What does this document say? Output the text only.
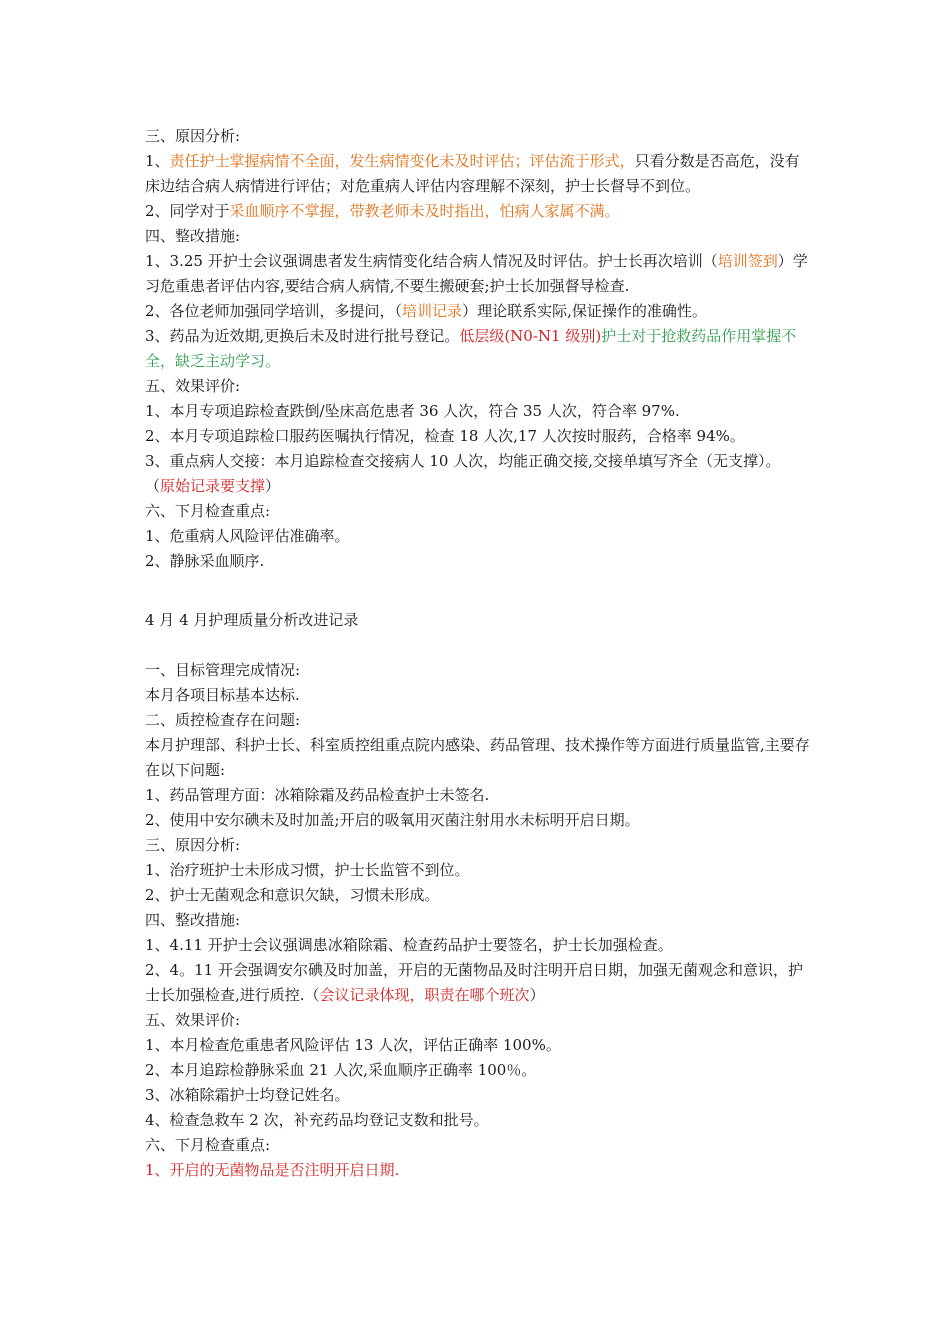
三、原因分析:

1、责任护士掌握病情不全面，发生病情变化未及时评估；评估流于形式，只看分数是否高危，没有床边结合病人病情进行评估；对危重病人评估内容理解不深刻，护士长督导不到位。

2、同学对于采血顺序不掌握，带教老师未及时指出，怕病人家属不满。

四、整改措施:

1、3.25 开护士会议强调患者发生病情变化结合病人情况及时评估。护士长再次培训（培训签到）学习危重患者评估内容,要结合病人病情,不要生搬硬套;护士长加强督导检查.

2、各位老师加强同学培训，多提问，（培训记录）理论联系实际,保证操作的准确性。

3、药品为近效期,更换后未及时进行批号登记。低层级(N0-N1 级别)护士对于抢救药品作用掌握不全，缺乏主动学习。

五、效果评价:

1、本月专项追踪检查跌倒/坠床高危患者 36 人次，符合 35 人次，符合率 97%.

2、本月专项追踪检口服药医嘱执行情况，检查 18 人次,17 人次按时服药，合格率 94%。

3、重点病人交接：本月追踪检查交接病人 10 人次，均能正确交接,交接单填写齐全（无支撑）。

（原始记录要支撑）

六、下月检查重点:

1、危重病人风险评估准确率。

2、静脉采血顺序.

4 月 4 月护理质量分析改进记录

一、目标管理完成情况:

本月各项目标基本达标.

二、质控检查存在问题:

本月护理部、科护士长、科室质控组重点院内感染、药品管理、技术操作等方面进行质量监管,主要存在以下问题:

1、药品管理方面：冰箱除霜及药品检查护士未签名.

2、使用中安尔碘未及时加盖;开启的吸氧用灭菌注射用水未标明开启日期。

三、原因分析:

1、治疗班护士未形成习惯，护士长监管不到位。

2、护士无菌观念和意识欠缺，习惯未形成。

四、整改措施:

1、4.11 开护士会议强调患冰箱除霜、检查药品护士要签名，护士长加强检查。

2、4。11 开会强调安尔碘及时加盖，开启的无菌物品及时注明开启日期，加强无菌观念和意识，护士长加强检查,进行质控.（会议记录体现，职责在哪个班次）

五、效果评价:

1、本月检查危重患者风险评估 13 人次，评估正确率 100%。

2、本月追踪检静脉采血 21 人次,采血顺序正确率 100％。

3、冰箱除霜护士均登记姓名。

4、检查急救车 2 次，补充药品均登记支数和批号。

六、下月检查重点:

1、开启的无菌物品是否注明开启日期.
